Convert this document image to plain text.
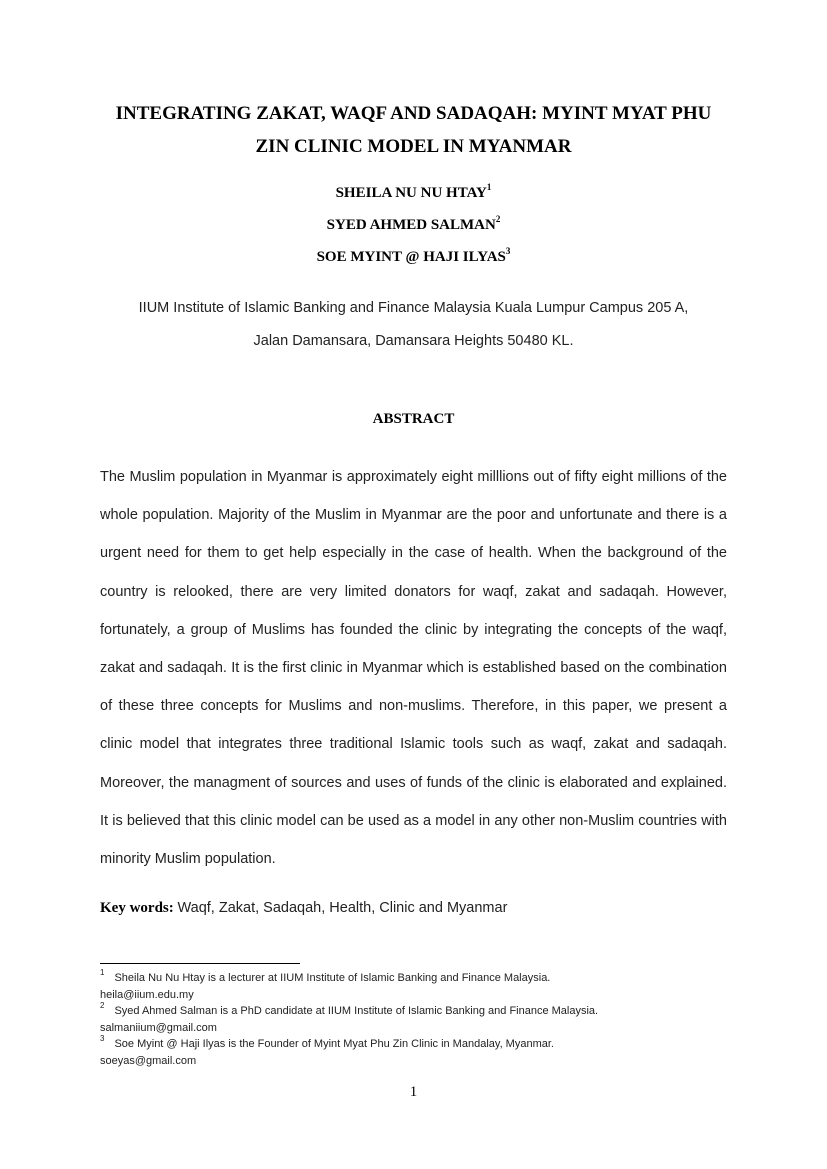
INTEGRATING ZAKAT, WAQF AND SADAQAH: MYINT MYAT PHU
ZIN CLINIC MODEL IN MYANMAR
SHEILA NU NU HTAY$^1$
SYED AHMED SALMAN$^2$
SOE MYINT @ HAJI ILYAS$^3$
IIUM Institute of Islamic Banking and Finance Malaysia Kuala Lumpur Campus 205 A,
Jalan Damansara, Damansara Heights 50480 KL.
ABSTRACT

The Muslim population in Myanmar is approximately eight milllions out of fifty eight millions of the whole population. Majority of the Muslim in Myanmar are the poor and unfortunate and there is a urgent need for them to get help especially in the case of health. When the background of the country is relooked, there are very limited donators for waqf, zakat and sadaqah. However, fortunately, a group of Muslims has founded the clinic by integrating the concepts of the waqf, zakat and sadaqah. It is the first clinic in Myanmar which is established based on the combination of these three concepts for Muslims and non-muslims. Therefore, in this paper, we present a clinic model that integrates three traditional Islamic tools such as waqf, zakat and sadaqah. Moreover, the managment of sources and uses of funds of the clinic is elaborated and explained. It is believed that this clinic model can be used as a model in any other non-Muslim countries with minority Muslim population.

Key words: Waqf, Zakat, Sadaqah, Health, Clinic and Myanmar
$^1$ Sheila Nu Nu Htay is a lecturer at IIUM Institute of Islamic Banking and Finance Malaysia.
heila@iium.edu.my
$^2$ Syed Ahmed Salman is a PhD candidate at IIUM Institute of Islamic Banking and Finance Malaysia.
salmaniium@gmail.com
$^3$ Soe Myint @ Haji Ilyas is the Founder of Myint Myat Phu Zin Clinic in Mandalay, Myanmar.
soeyas@gmail.com
1
